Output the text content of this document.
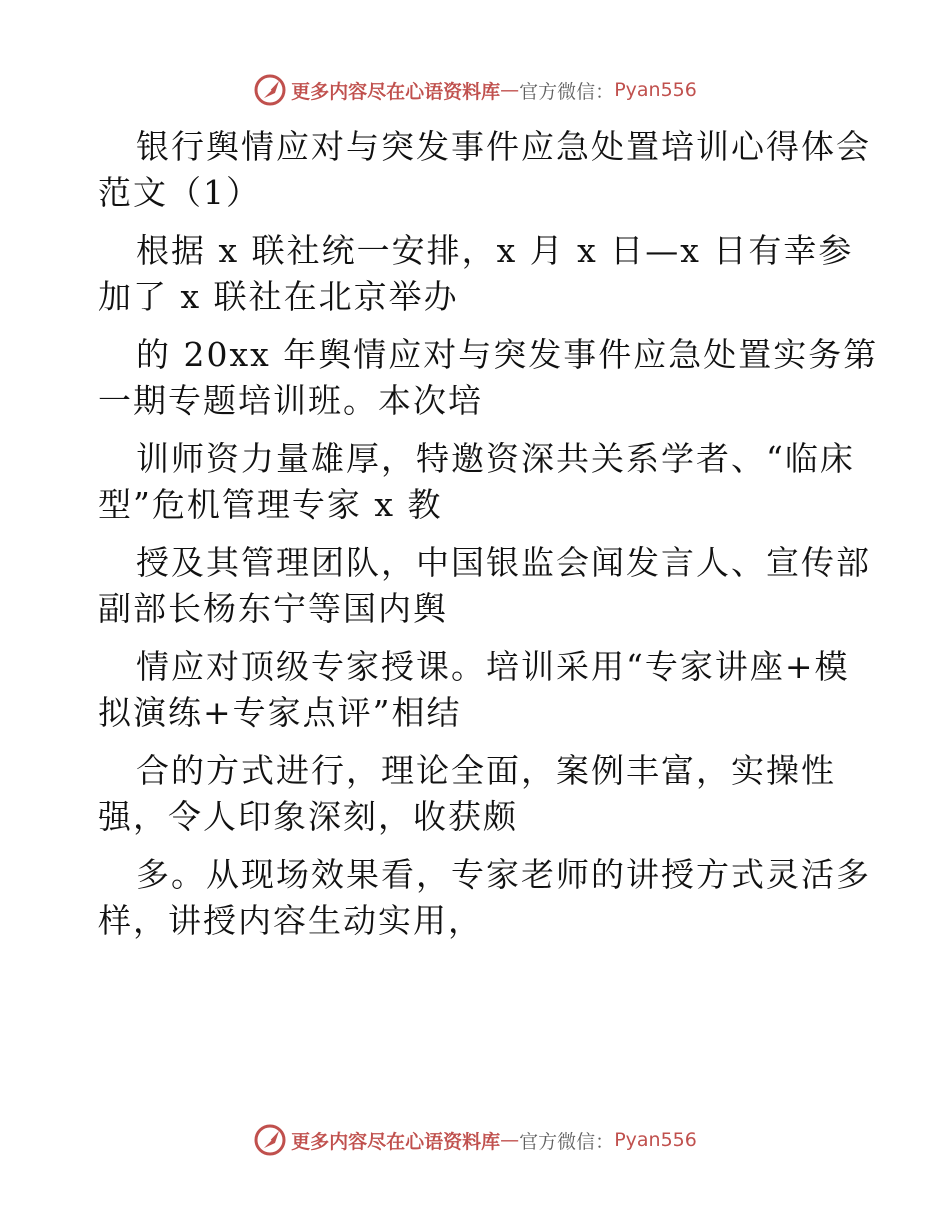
更多内容尽在心语资料库 — 官方微信： Pyan556
银行舆情应对与突发事件应急处置培训心得体会
范文（1）
根据 x 联社统一安排，x 月 x 日—x 日有幸参
加了 x 联社在北京举办
的 20xx 年舆情应对与突发事件应急处置实务第
一期专题培训班。本次培
训师资力量雄厚，特邀资深共关系学者、“临床
型”危机管理专家 x 教
授及其管理团队，中国银监会闻发言人、宣传部
副部长杨东宁等国内舆
情应对顶级专家授课。培训采用“专家讲座+模
拟演练+专家点评”相结
合的方式进行，理论全面，案例丰富，实操性
强，令人印象深刻，收获颇
多。从现场效果看，专家老师的讲授方式灵活多
样，讲授内容生动实用，
更多内容尽在心语资料库 — 官方微信： Pyan556
